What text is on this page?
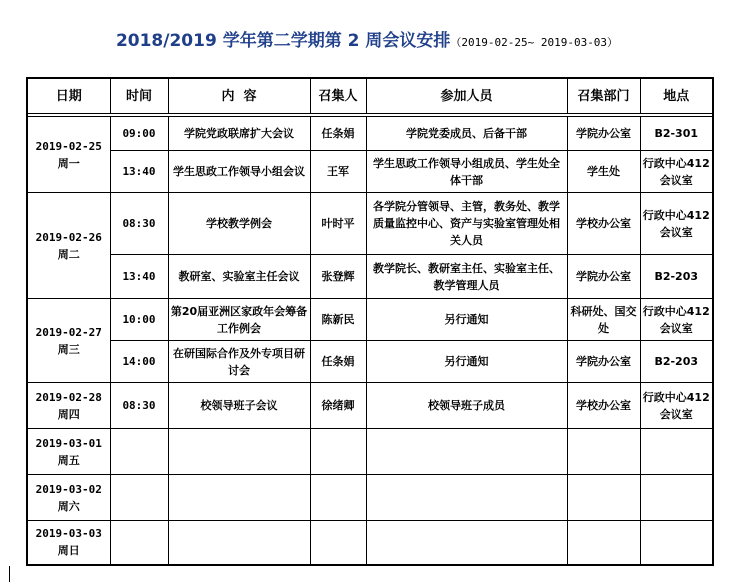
2018/2019 学年第二学期第 2 周会议安排（2019-02-25~ 2019-03-03）
日期	时间	内  容	召集人	参加人员	召集部门	地点

2019-02-25
周一	09:00	学院党政联席扩大会议	任条娟	学院党委成员、后备干部	学院办公室	B2-301
	13:40	学生思政工作领导小组会议	王军	学生思政工作领导小组成员、学生处全体干部	学生处	行政中心412会议室

2019-02-26
周二	08:30	学校教学例会	叶时平	各学院分管领导、主管，教务处、教学质量监控中心、资产与实验室管理处相关人员	学校办公室	行政中心412会议室
	13:40	教研室、实验室主任会议	张登辉	教学院长、教研室主任、实验室主任、教学管理人员	学院办公室	B2-203

2019-02-27
周三	10:00	第20届亚洲区家政年会筹备工作例会	陈新民	另行通知	科研处、国交处	行政中心412会议室
	14:00	在研国际合作及外专项目研讨会	任条娟	另行通知	学院办公室	B2-203

2019-02-28
周四	08:30	校领导班子会议	徐绪卿	校领导班子成员	学校办公室	行政中心412会议室

2019-03-01
周五						

2019-03-02
周六						

2019-03-03
周日						
